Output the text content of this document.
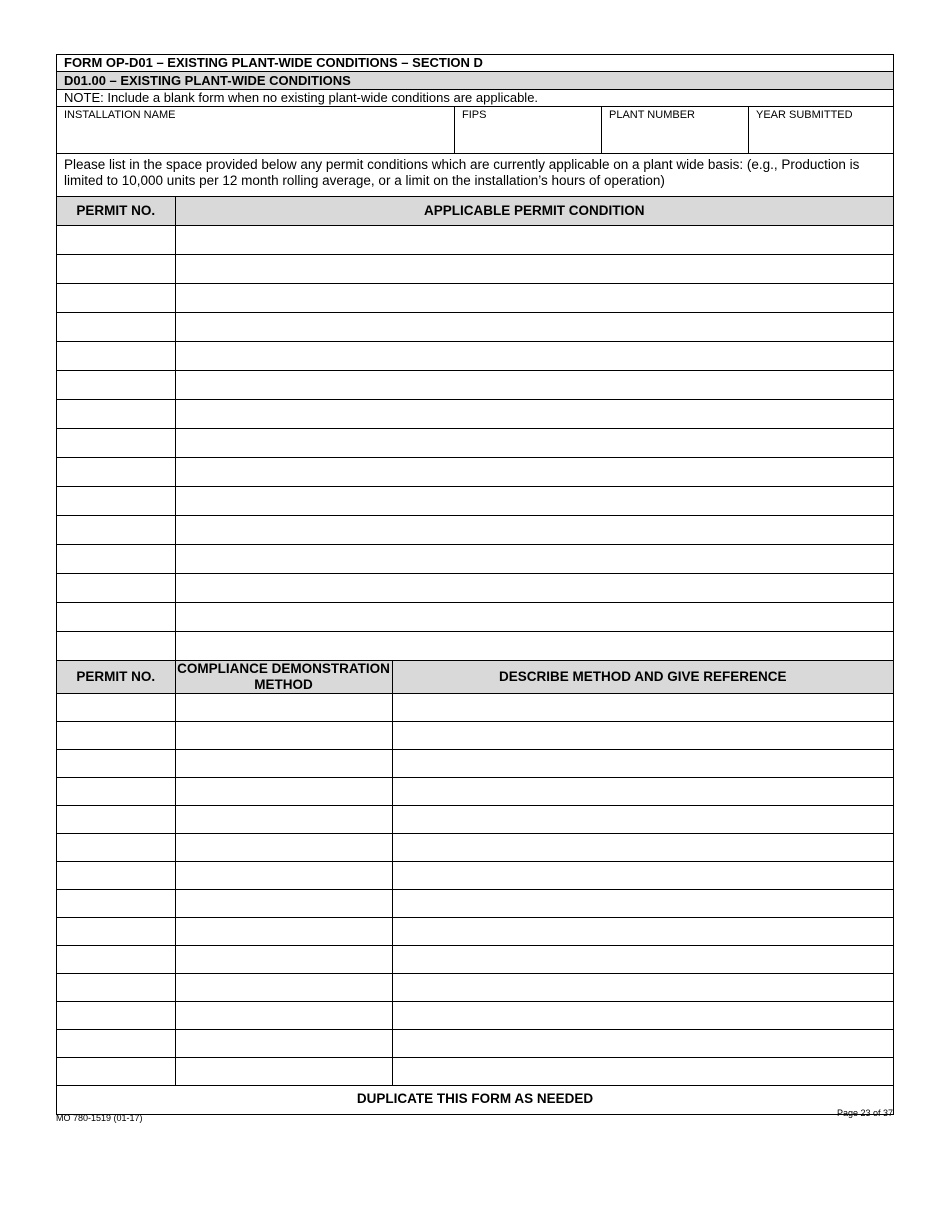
FORM OP-D01 – EXISTING PLANT-WIDE CONDITIONS – SECTION D
D01.00 – EXISTING PLANT-WIDE CONDITIONS
NOTE: Include a blank form when no existing plant-wide conditions are applicable.
INSTALLATION NAME	FIPS	PLANT NUMBER	YEAR SUBMITTED
Please list in the space provided below any permit conditions which are currently applicable on a plant wide basis: (e.g., Production is limited to 10,000 units per 12 month rolling average, or a limit on the installation’s hours of operation)
PERMIT NO.	APPLICABLE PERMIT CONDITION

PERMIT NO.	COMPLIANCE DEMONSTRATION METHOD	DESCRIBE METHOD AND GIVE REFERENCE

DUPLICATE THIS FORM AS NEEDED
MO 780-1519 (01-17)	Page 23 of 37
